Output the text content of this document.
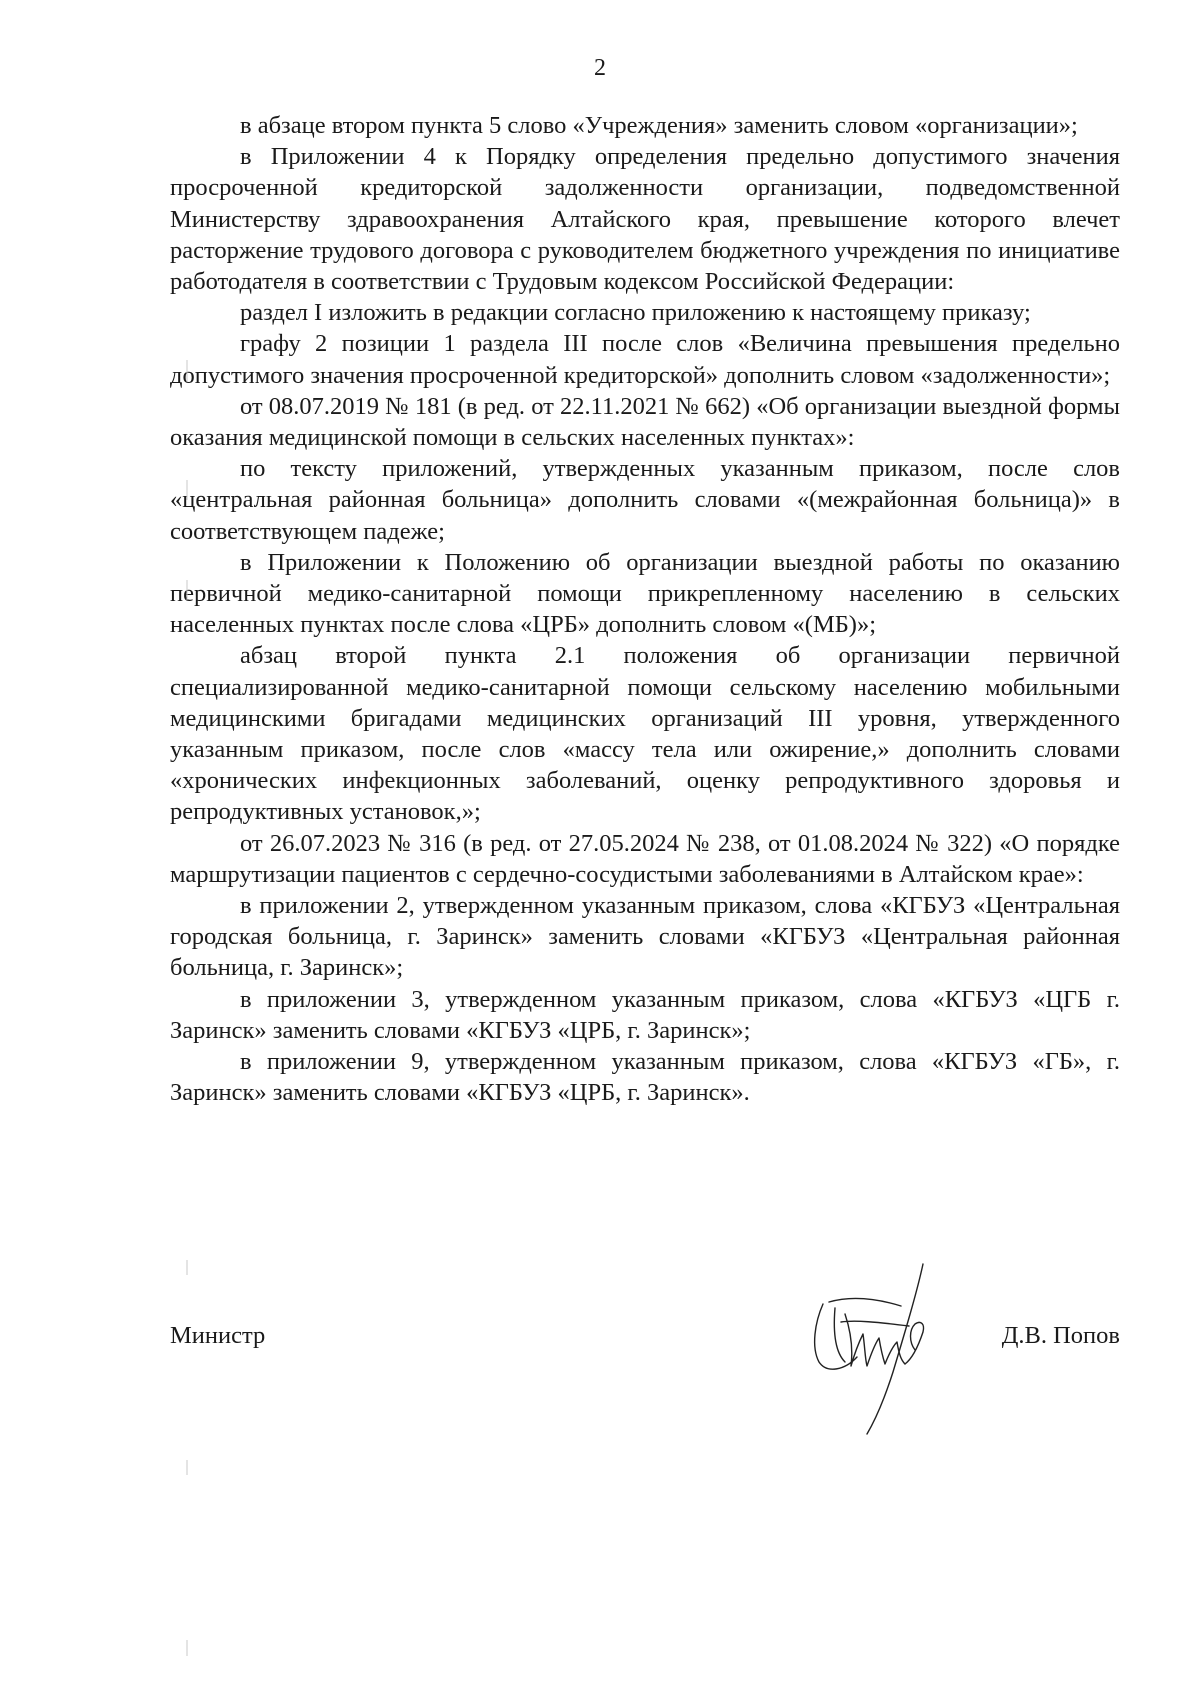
2

в абзаце втором пункта 5 слово «Учреждения» заменить словом «организации»;

в Приложении 4 к Порядку определения предельно допустимого значения просроченной кредиторской задолженности организации, подведомственной Министерству здравоохранения Алтайского края, превышение которого влечет расторжение трудового договора с руководителем бюджетного учреждения по инициативе работодателя в соответствии с Трудовым кодексом Российской Федерации:

раздел I изложить в редакции согласно приложению к настоящему приказу;

графу 2 позиции 1 раздела III после слов «Величина превышения предельно допустимого значения просроченной кредиторской» дополнить словом «задолженности»;

от 08.07.2019 № 181 (в ред. от 22.11.2021 № 662) «Об организации выездной формы оказания медицинской помощи в сельских населенных пунктах»:

по тексту приложений, утвержденных указанным приказом, после слов «центральная районная больница» дополнить словами «(межрайонная больница)» в соответствующем падеже;

в Приложении к Положению об организации выездной работы по оказанию первичной медико-санитарной помощи прикрепленному населению в сельских населенных пунктах после слова «ЦРБ» дополнить словом «(МБ)»;

абзац второй пункта 2.1 положения об организации первичной специализированной медико-санитарной помощи сельскому населению мобильными медицинскими бригадами медицинских организаций III уровня, утвержденного указанным приказом, после слов «массу тела или ожирение,» дополнить словами «хронических инфекционных заболеваний, оценку репродуктивного здоровья и репродуктивных установок,»;

от 26.07.2023 № 316 (в ред. от 27.05.2024 № 238, от 01.08.2024 № 322) «О порядке маршрутизации пациентов с сердечно-сосудистыми заболеваниями в Алтайском крае»:

в приложении 2, утвержденном указанным приказом, слова «КГБУЗ «Центральная городская больница, г. Заринск» заменить словами «КГБУЗ «Центральная районная больница, г. Заринск»;

в приложении 3, утвержденном указанным приказом, слова «КГБУЗ «ЦГБ г. Заринск» заменить словами «КГБУЗ «ЦРБ, г. Заринск»;

в приложении 9, утвержденном указанным приказом, слова «КГБУЗ «ГБ», г. Заринск» заменить словами «КГБУЗ «ЦРБ, г. Заринск».

Министр	Д.В. Попов
